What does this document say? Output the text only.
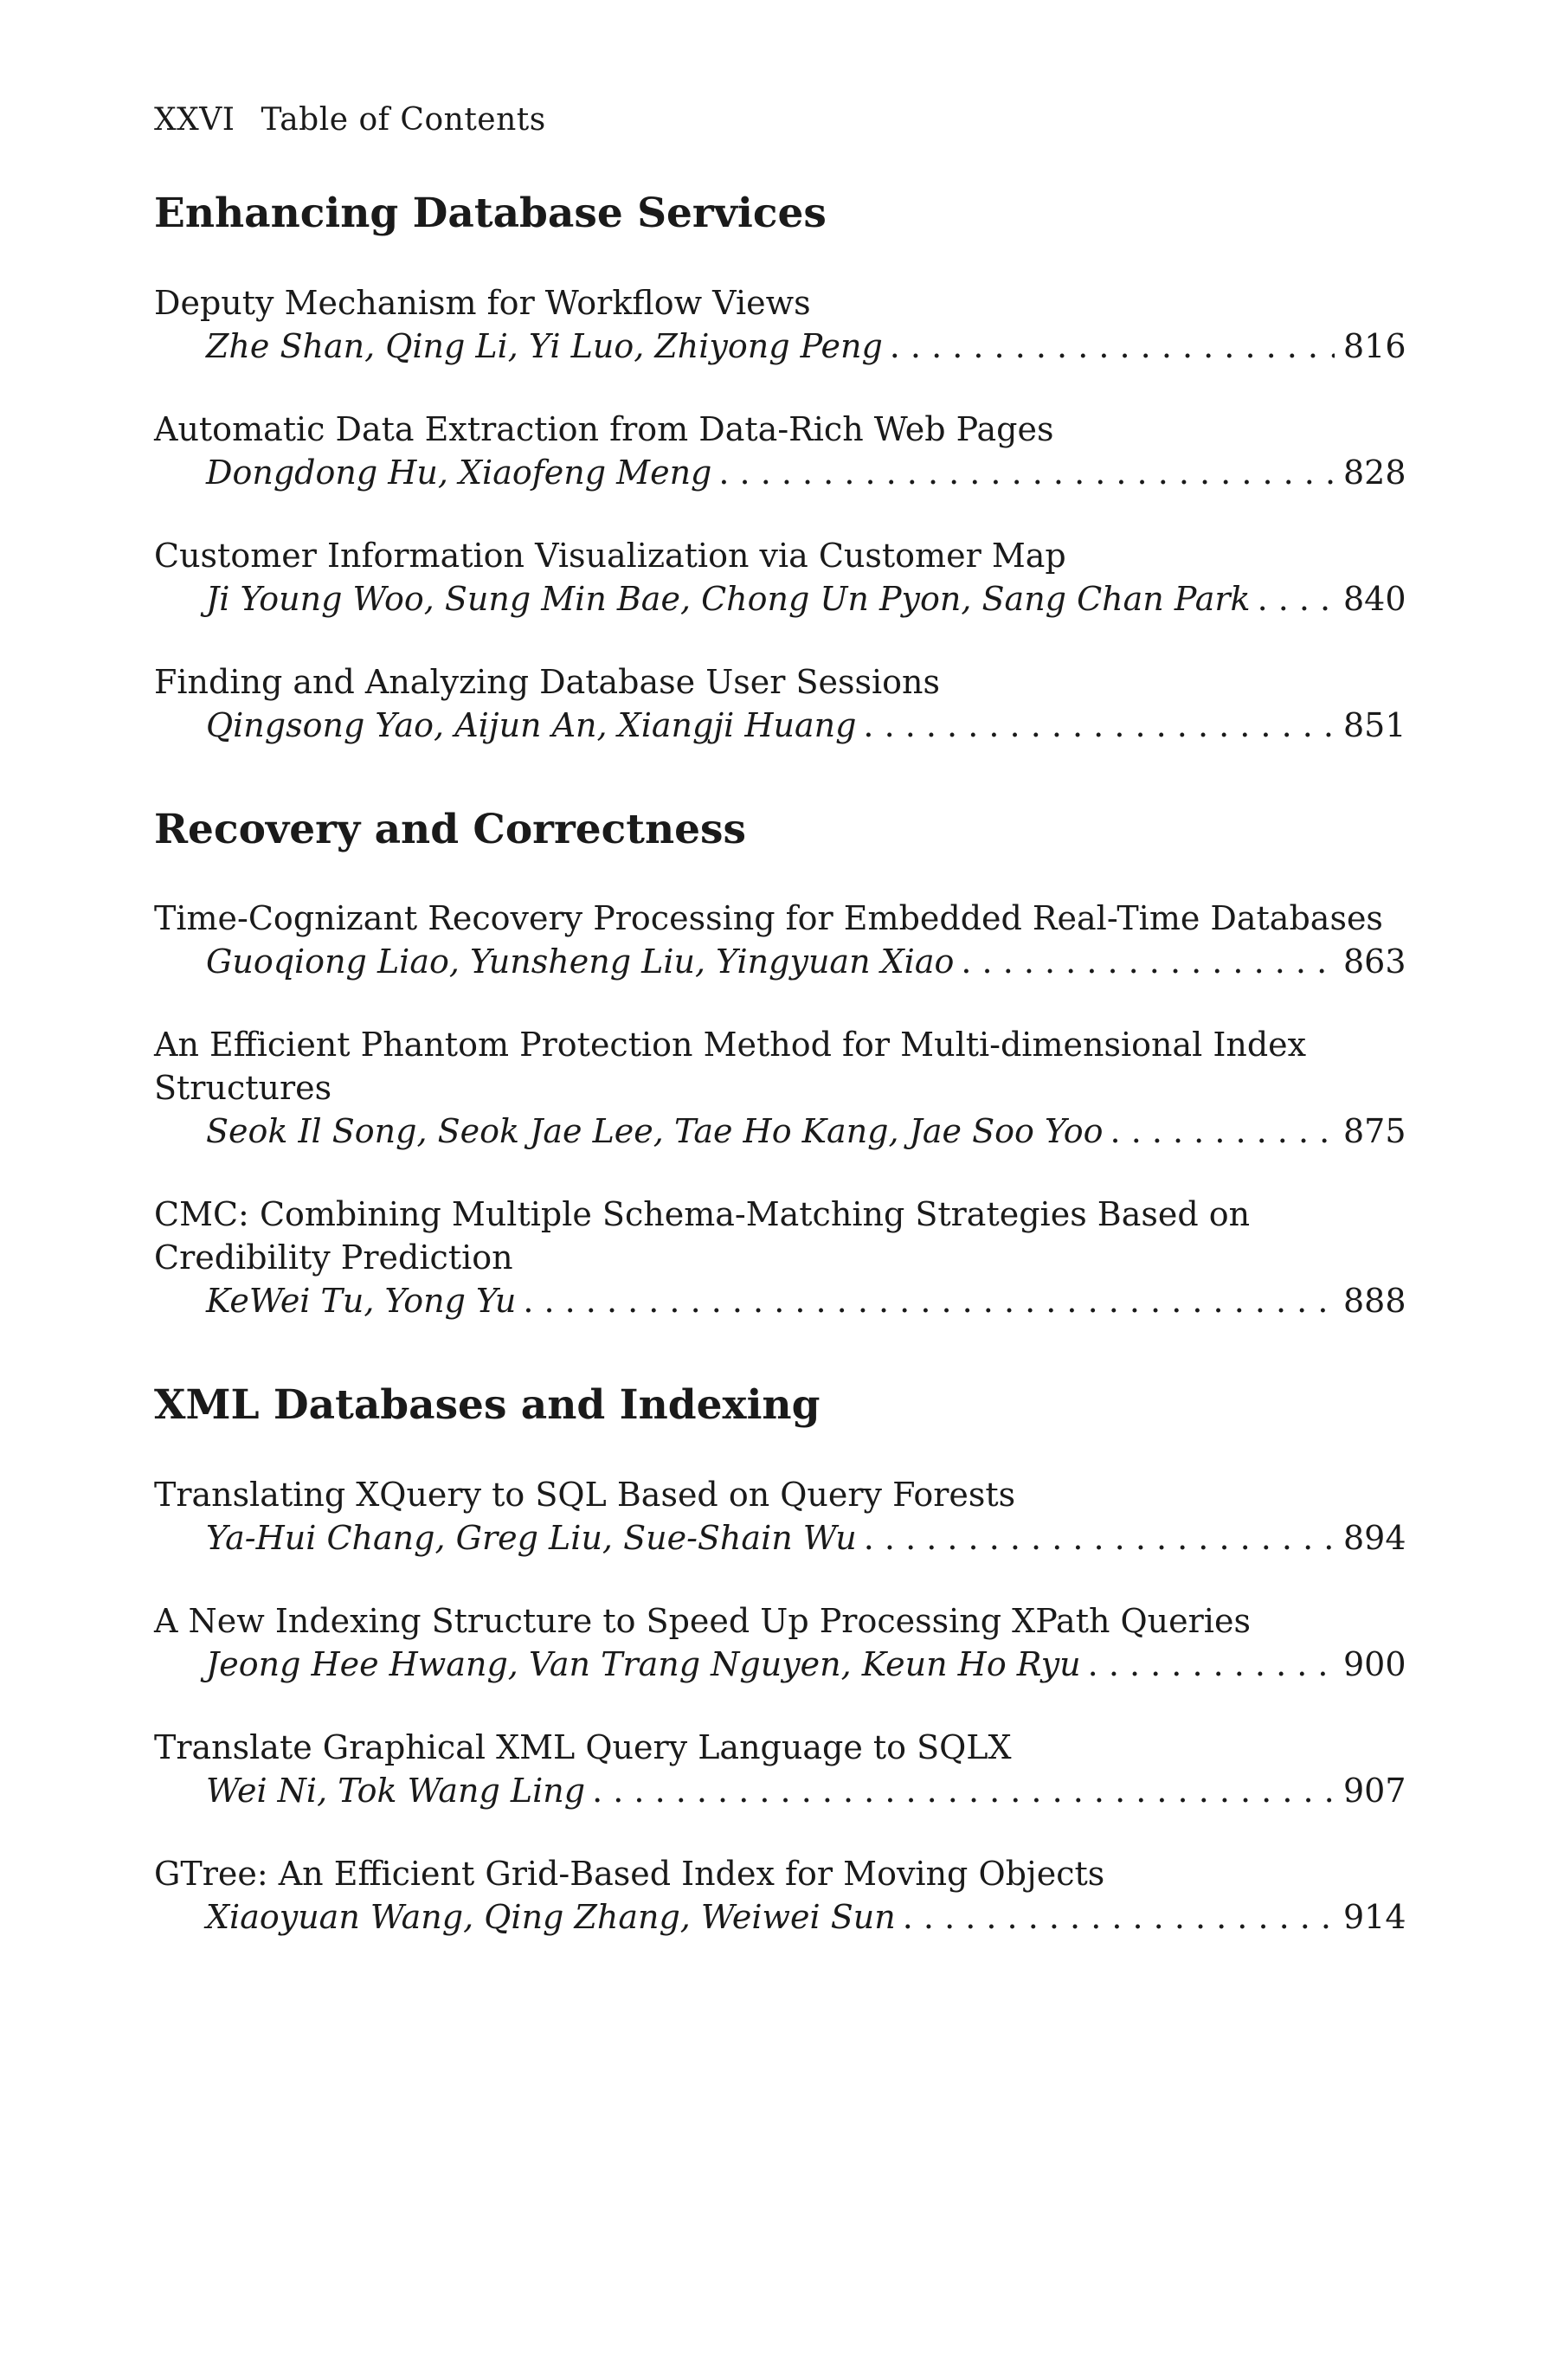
XXVI Table of Contents
Enhancing Database Services
Deputy Mechanism for Workflow Views
Zhe Shan, Qing Li, Yi Luo, Zhiyong Peng . . .	816
Automatic Data Extraction from Data-Rich Web Pages
Dongdong Hu, Xiaofeng Meng . . .	828
Customer Information Visualization via Customer Map
Ji Young Woo, Sung Min Bae, Chong Un Pyon, Sang Chan Park . . .	840
Finding and Analyzing Database User Sessions
Qingsong Yao, Aijun An, Xiangji Huang . . .	851
Recovery and Correctness
Time-Cognizant Recovery Processing for Embedded Real-Time Databases
Guoqiong Liao, Yunsheng Liu, Yingyuan Xiao . . .	863
An Efficient Phantom Protection Method for Multi-dimensional Index Structures
Seok Il Song, Seok Jae Lee, Tae Ho Kang, Jae Soo Yoo . . .	875
CMC: Combining Multiple Schema-Matching Strategies Based on Credibility Prediction
KeWei Tu, Yong Yu . . .	888
XML Databases and Indexing
Translating XQuery to SQL Based on Query Forests
Ya-Hui Chang, Greg Liu, Sue-Shain Wu . . .	894
A New Indexing Structure to Speed Up Processing XPath Queries
Jeong Hee Hwang, Van Trang Nguyen, Keun Ho Ryu . . .	900
Translate Graphical XML Query Language to SQLX
Wei Ni, Tok Wang Ling . . .	907
GTree: An Efficient Grid-Based Index for Moving Objects
Xiaoyuan Wang, Qing Zhang, Weiwei Sun . . .	914
